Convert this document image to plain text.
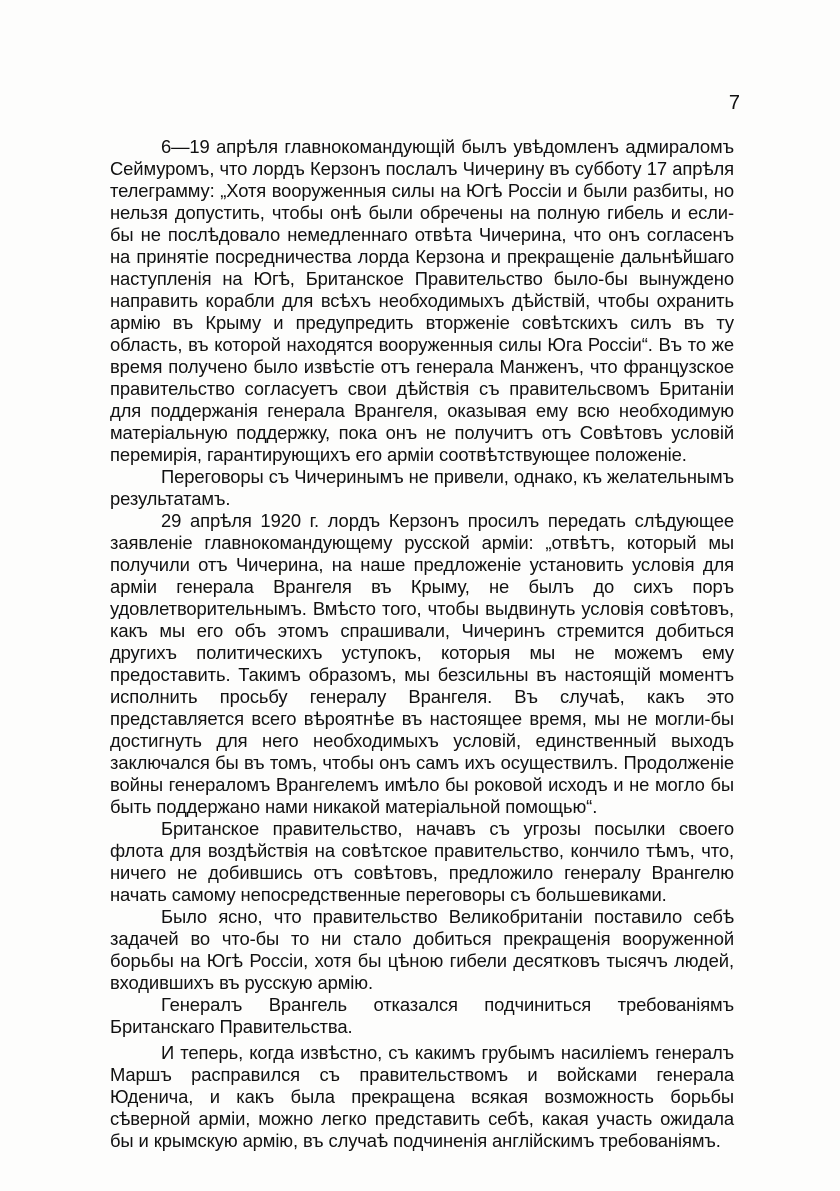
7

6—19 апрѣля главнокомандующій былъ увѣдомленъ адмираломъ Сеймуромъ, что лордъ Керзонъ послалъ Чичерину въ субботу 17 апрѣля телеграмму: „Хотя вооруженныя силы на Югѣ Россіи и были разбиты, но нельзя допустить, чтобы онѣ были обречены на полную гибель и если-бы не послѣдовало немедленнаго отвѣта Чичерина, что онъ согласенъ на принятіе посредничества лорда Керзона и прекращеніе дальнѣйшаго наступленія на Югѣ, Британское Правительство было-бы вынуждено направить корабли для всѣхъ необходимыхъ дѣйствій, чтобы охранить армію въ Крыму и предупредить вторженіе совѣтскихъ силъ въ ту область, въ которой находятся вооруженныя силы Юга Россіи“. Въ то же время получено было извѣстіе отъ генерала Манженъ, что французское правительство согласуетъ свои дѣйствія съ правительсвомъ Британіи для поддержанія генерала Врангеля, оказывая ему всю необходимую матеріальную поддержку, пока онъ не получитъ отъ Совѣтовъ условій перемирія, гарантирующихъ его арміи соотвѣтствующее положеніе.

Переговоры съ Чичеринымъ не привели, однако, къ желательнымъ результатамъ.

29 апрѣля 1920 г. лордъ Керзонъ просилъ передать слѣдующее заявленіе главнокомандующему русской арміи: „отвѣтъ, который мы получили отъ Чичерина, на наше предложеніе установить условія для арміи генерала Врангеля въ Крыму, не былъ до сихъ поръ удовлетворительнымъ. Вмѣсто того, чтобы выдвинуть условія совѣтовъ, какъ мы его объ этомъ спрашивали, Чичеринъ стремится добиться другихъ политическихъ уступокъ, которыя мы не можемъ ему предоставить. Такимъ образомъ, мы безсильны въ настоящій моментъ исполнить просьбу генералу Врангеля. Въ случаѣ, какъ это представляется всего вѣроятнѣе въ настоящее время, мы не могли-бы достигнуть для него необходимыхъ условій, единственный выходъ заключался бы въ томъ, чтобы онъ самъ ихъ осуществилъ. Продолженіе войны генераломъ Врангелемъ имѣло бы роковой исходъ и не могло бы быть поддержано нами никакой матеріальной помощью“.

Британское правительство, начавъ съ угрозы посылки своего флота для воздѣйствія на совѣтское правительство, кончило тѣмъ, что, ничего не добившись отъ совѣтовъ, предложило генералу Врангелю начать самому непосредственные переговоры съ большевиками.

Было ясно, что правительство Великобританіи поставило себѣ задачей во что-бы то ни стало добиться прекращенія вооруженной борьбы на Югѣ Россіи, хотя бы цѣною гибели десятковъ тысячъ людей, входившихъ въ русскую армію.

Генералъ Врангель отказался подчиниться требованіямъ Британскаго Правительства.

И теперь, когда извѣстно, съ какимъ грубымъ насиліемъ генералъ Маршъ расправился съ правительствомъ и войсками генерала Юденича, и какъ была прекращена всякая возможность борьбы сѣверной арміи, можно легко представить себѣ, какая участь ожидала бы и крымскую армію, въ случаѣ подчиненія англійскимъ требованіямъ.
